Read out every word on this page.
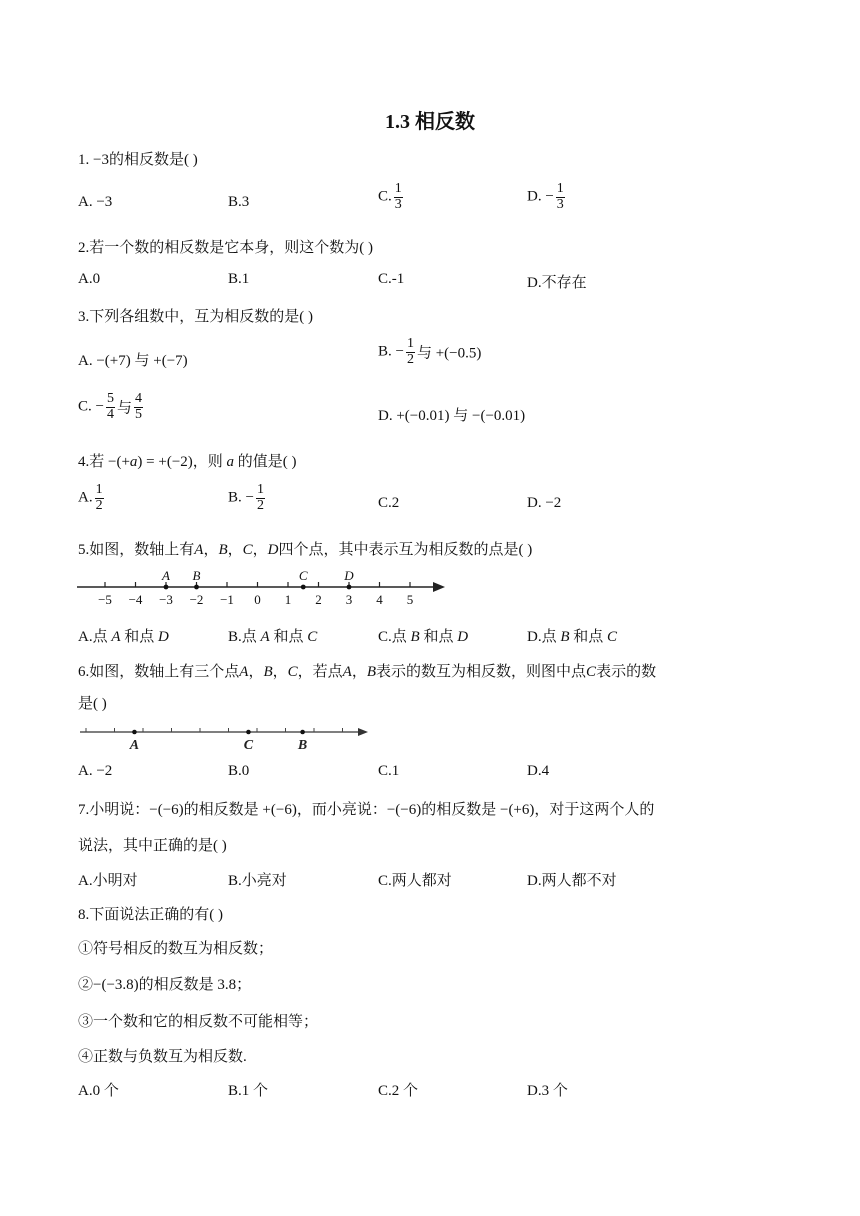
1.3 相反数
1. −3的相反数是( )
A. −3	B.3	C. $\frac{1}{3}$	D. − $\frac{1}{3}$
2.若一个数的相反数是它本身，则这个数为( )
A.0	B.1	C.-1	D.不存在
3.下列各组数中，互为相反数的是( )
A. −(+7) 与 +(−7)
B. − $\frac{1}{2}$ 与 +(−0.5)
C. − $\frac{5}{4}$ 与 $\frac{4}{5}$	D. +(−0.01) 与 −(−0.01)
4.若 −(+a) = +(−2)，则 a 的值是( )
A. $\frac{1}{2}$	B. − $\frac{1}{2}$	C.2	D. −2
5.如图，数轴上有A，B，C，D四个点，其中表示互为相反数的点是( )
−5 −4 −3 −2 −1 0 1 2 3 4 5
A B	C	D
A.点 A 和点 D	B.点 A 和点 C	C.点 B 和点 D	D.点 B 和点 C
6.如图，数轴上有三个点A，B，C，若点A，B表示的数互为相反数，则图中点C表示的数
是( )
A	C	B
A. −2	B.0	C.1	D.4
7.小明说：−(−6)的相反数是 +(−6)，而小亮说：−(−6)的相反数是 −(+6)，对于这两个人的
说法，其中正确的是( )
A.小明对	B.小亮对	C.两人都对	D.两人都不对
8.下面说法正确的有( )
①符号相反的数互为相反数；
②−(−3.8)的相反数是 3.8；
③一个数和它的相反数不可能相等；
④正数与负数互为相反数.
A.0 个	B.1 个	C.2 个	D.3 个
